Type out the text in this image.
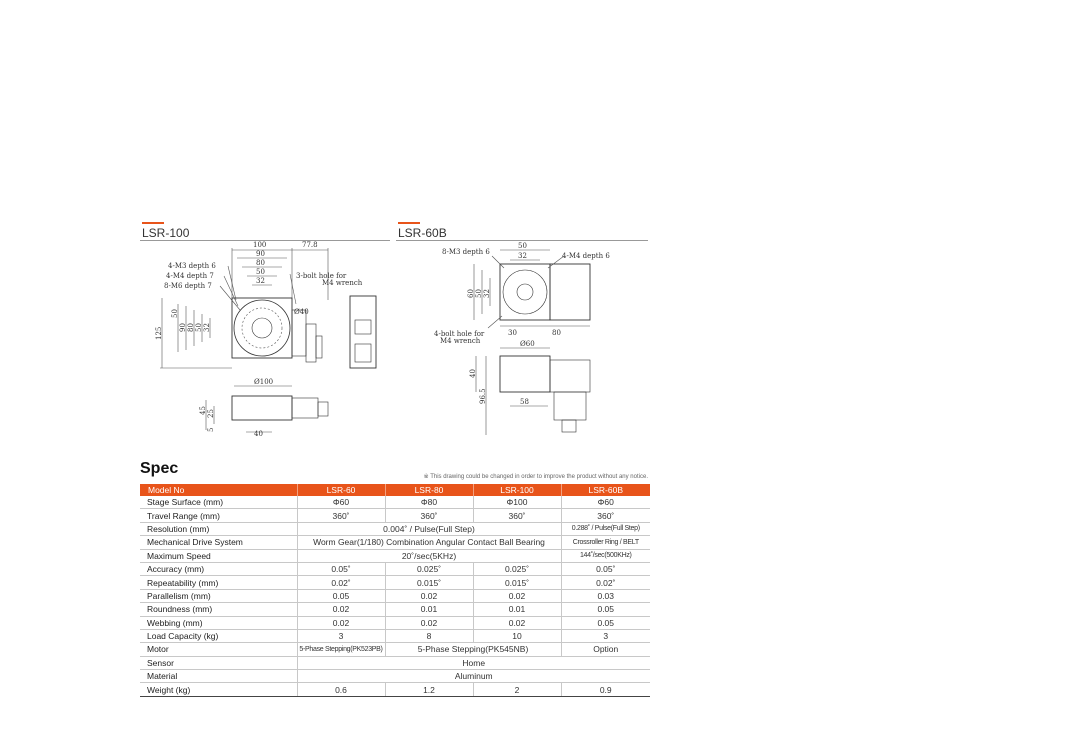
LSR-100	LSR-60B
100	77.8
90
80
50
32
4-M3 depth 6
4-M4 depth 7
8-M6 depth 7
3-bolt hole for
M4 wrench
Ø40
Ø100
40
125
50
90 80 50 32
45 25
5
50
32
8-M3 depth 6	4-M4 depth 6
4-bolt hole for
M4 wrench
30	80
Ø60
58
60 50 32
40
96.5
Spec	※ This drawing could be changed in order to improve the product without any notice.
Model No	LSR-60	LSR-80	LSR-100	LSR-60B
Stage Surface (mm)	Φ60	Φ80	Φ100	Φ60
Travel Range (mm)	360˚	360˚	360˚	360˚
Resolution (mm)	0.004˚ / Pulse(Full Step)			0.288˚ / Pulse(Full Step)
Mechanical Drive System	Worm Gear(1/180) Combination Angular Contact Ball Bearing			Crossroller Ring / BELT
Maximum Speed	20˚/sec(5KHz)			144˚/sec(500KHz)
Accuracy (mm)	0.05˚	0.025˚	0.025˚	0.05˚
Repeatability (mm)	0.02˚	0.015˚	0.015˚	0.02˚
Parallelism (mm)	0.05	0.02	0.02	0.03
Roundness (mm)	0.02	0.01	0.01	0.05
Webbing (mm)	0.02	0.02	0.02	0.05
Load Capacity (kg)	3	8	10	3
Motor	5-Phase Stepping(PK523PB)	5-Phase Stepping(PK545NB)		Option
Sensor	Home			
Material	Aluminum			
Weight (kg)	0.6	1.2	2	0.9
